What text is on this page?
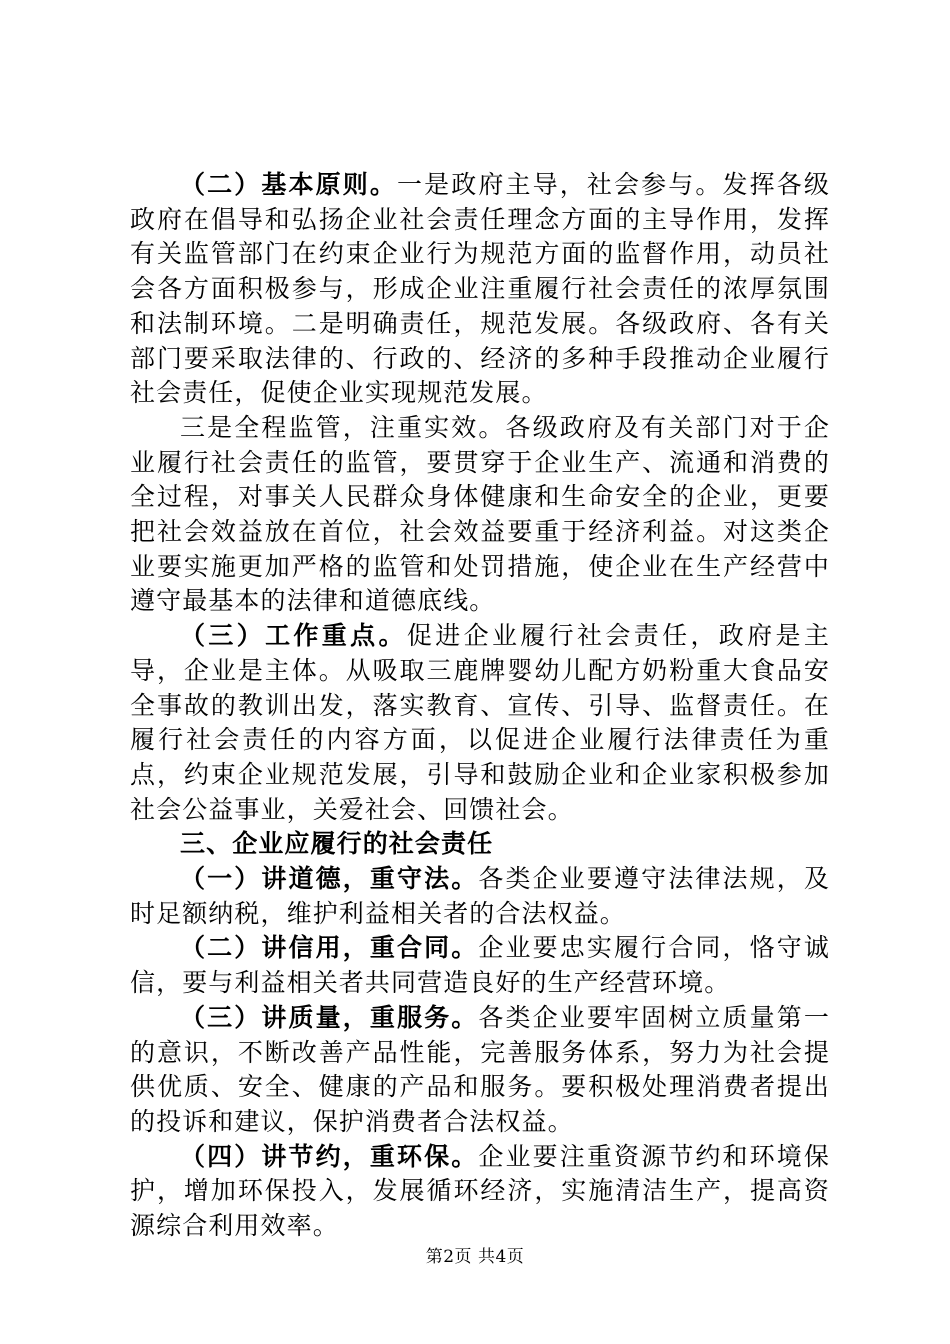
（二）基本原则。一是政府主导，社会参与。发挥各级政府在倡导和弘扬企业社会责任理念方面的主导作用，发挥有关监管部门在约束企业行为规范方面的监督作用，动员社会各方面积极参与，形成企业注重履行社会责任的浓厚氛围和法制环境。二是明确责任，规范发展。各级政府、各有关部门要采取法律的、行政的、经济的多种手段推动企业履行社会责任，促使企业实现规范发展。

三是全程监管，注重实效。各级政府及有关部门对于企业履行社会责任的监管，要贯穿于企业生产、流通和消费的全过程，对事关人民群众身体健康和生命安全的企业，更要把社会效益放在首位，社会效益要重于经济利益。对这类企业要实施更加严格的监管和处罚措施，使企业在生产经营中遵守最基本的法律和道德底线。

（三）工作重点。促进企业履行社会责任，政府是主导，企业是主体。从吸取三鹿牌婴幼儿配方奶粉重大食品安全事故的教训出发，落实教育、宣传、引导、监督责任。在履行社会责任的内容方面，以促进企业履行法律责任为重点，约束企业规范发展，引导和鼓励企业和企业家积极参加社会公益事业，关爱社会、回馈社会。

三、企业应履行的社会责任

（一）讲道德，重守法。各类企业要遵守法律法规，及时足额纳税，维护利益相关者的合法权益。

（二）讲信用，重合同。企业要忠实履行合同，恪守诚信，要与利益相关者共同营造良好的生产经营环境。

（三）讲质量，重服务。各类企业要牢固树立质量第一的意识，不断改善产品性能，完善服务体系，努力为社会提供优质、安全、健康的产品和服务。要积极处理消费者提出的投诉和建议，保护消费者合法权益。

（四）讲节约，重环保。企业要注重资源节约和环境保护，增加环保投入，发展循环经济，实施清洁生产，提高资源综合利用效率。

第2页 共4页
